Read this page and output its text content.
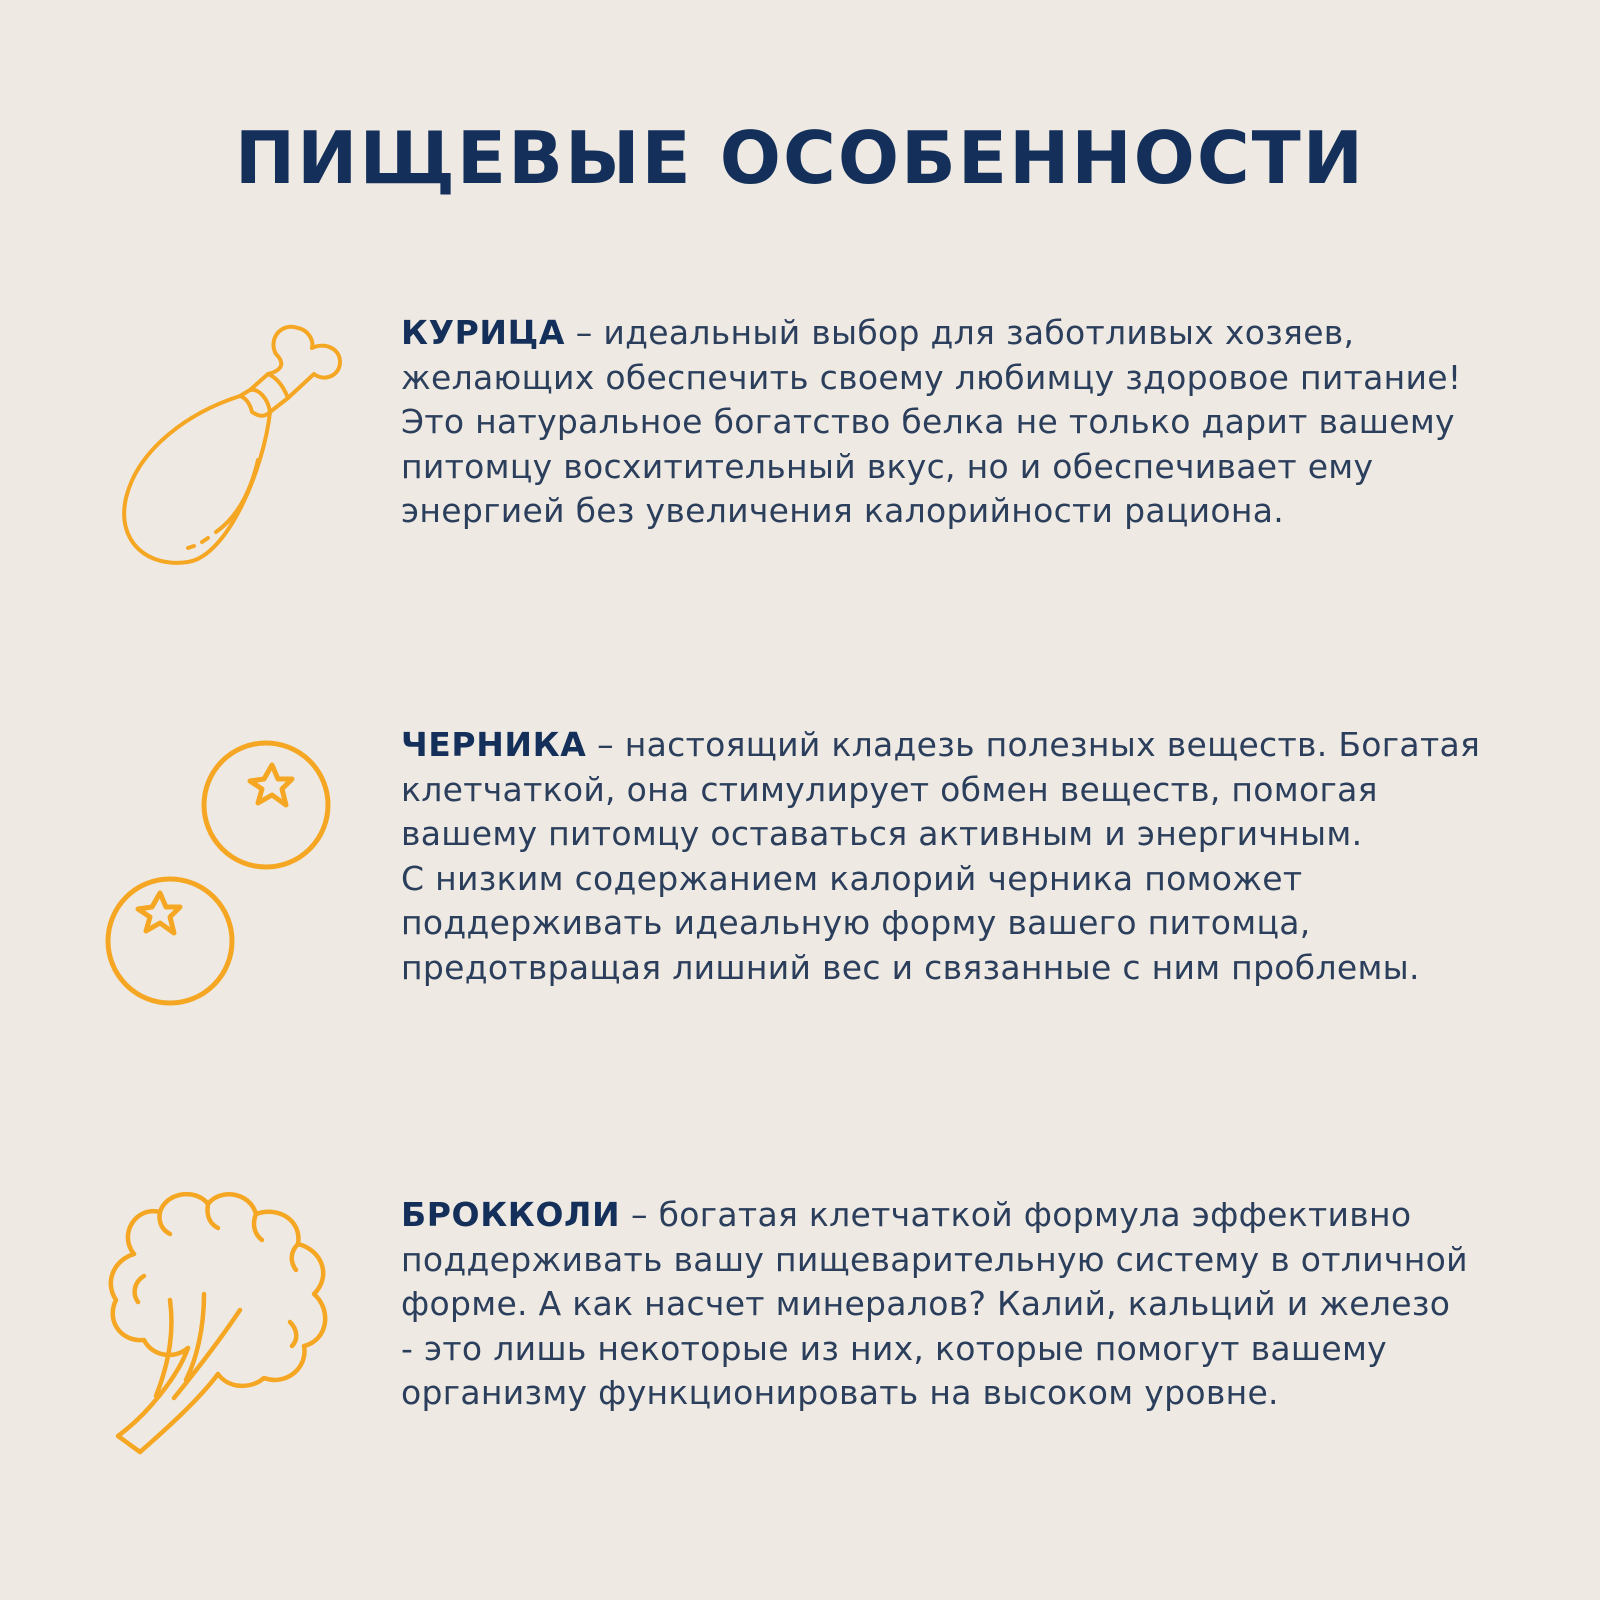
ПИЩЕВЫЕ ОСОБЕННОСТИ

КУРИЦА – идеальный выбор для заботливых хозяев,
желающих обеспечить своему любимцу здоровое питание!
Это натуральное богатство белка не только дарит вашему
питомцу восхитительный вкус, но и обеспечивает ему
энергией без увеличения калорийности рациона.

ЧЕРНИКА – настоящий кладезь полезных веществ. Богатая
клетчаткой, она стимулирует обмен веществ, помогая
вашему питомцу оставаться активным и энергичным.
С низким содержанием калорий черника поможет
поддерживать идеальную форму вашего питомца,
предотвращая лишний вес и связанные с ним проблемы.

БРОККОЛИ – богатая клетчаткой формула эффективно
поддерживать вашу пищеварительную систему в отличной
форме. А как насчет минералов? Калий, кальций и железо
- это лишь некоторые из них, которые помогут вашему
организму функционировать на высоком уровне.
